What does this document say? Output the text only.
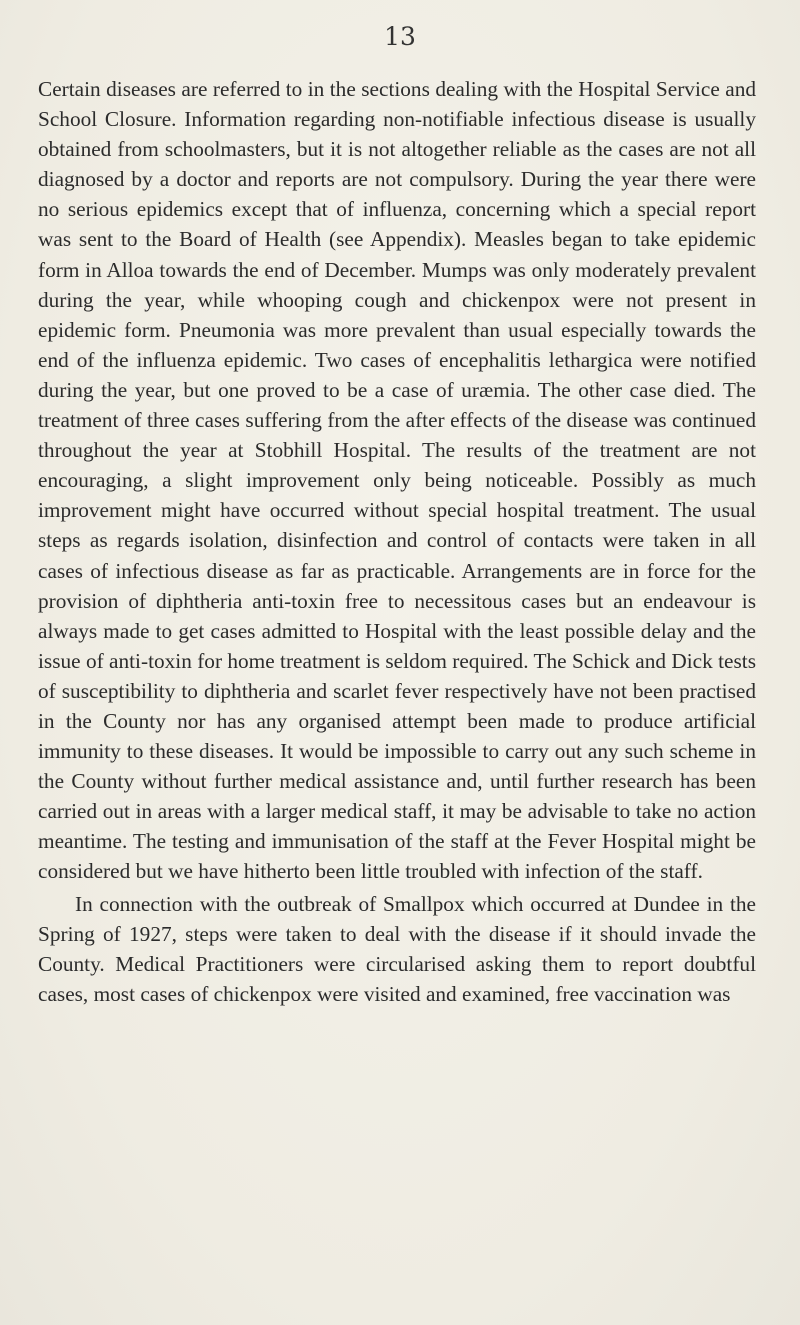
13

Certain diseases are referred to in the sections dealing with the Hospital Service and School Closure. Information regarding non-notifiable infectious disease is usually obtained from schoolmasters, but it is not altogether reliable as the cases are not all diagnosed by a doctor and reports are not compulsory. During the year there were no serious epidemics except that of influenza, concerning which a special report was sent to the Board of Health (see Appendix). Measles began to take epidemic form in Alloa towards the end of December. Mumps was only moderately prevalent during the year, while whooping cough and chickenpox were not present in epidemic form. Pneumonia was more prevalent than usual especially towards the end of the influenza epidemic. Two cases of encephalitis lethargica were notified during the year, but one proved to be a case of uræmia. The other case died. The treatment of three cases suffering from the after effects of the disease was continued throughout the year at Stobhill Hospital. The results of the treatment are not encouraging, a slight improvement only being noticeable. Possibly as much improvement might have occurred without special hospital treatment. The usual steps as regards isolation, disinfection and control of contacts were taken in all cases of infectious disease as far as practicable. Arrangements are in force for the provision of diphtheria anti-toxin free to necessitous cases but an endeavour is always made to get cases admitted to Hospital with the least possible delay and the issue of anti-toxin for home treatment is seldom required. The Schick and Dick tests of susceptibility to diphtheria and scarlet fever respectively have not been practised in the County nor has any organised attempt been made to produce artificial immunity to these diseases. It would be impossible to carry out any such scheme in the County without further medical assistance and, until further research has been carried out in areas with a larger medical staff, it may be advisable to take no action meantime. The testing and immunisation of the staff at the Fever Hospital might be considered but we have hitherto been little troubled with infection of the staff.

In connection with the outbreak of Smallpox which occurred at Dundee in the Spring of 1927, steps were taken to deal with the disease if it should invade the County. Medical Practitioners were circularised asking them to report doubtful cases, most cases of chickenpox were visited and examined, free vaccination was
